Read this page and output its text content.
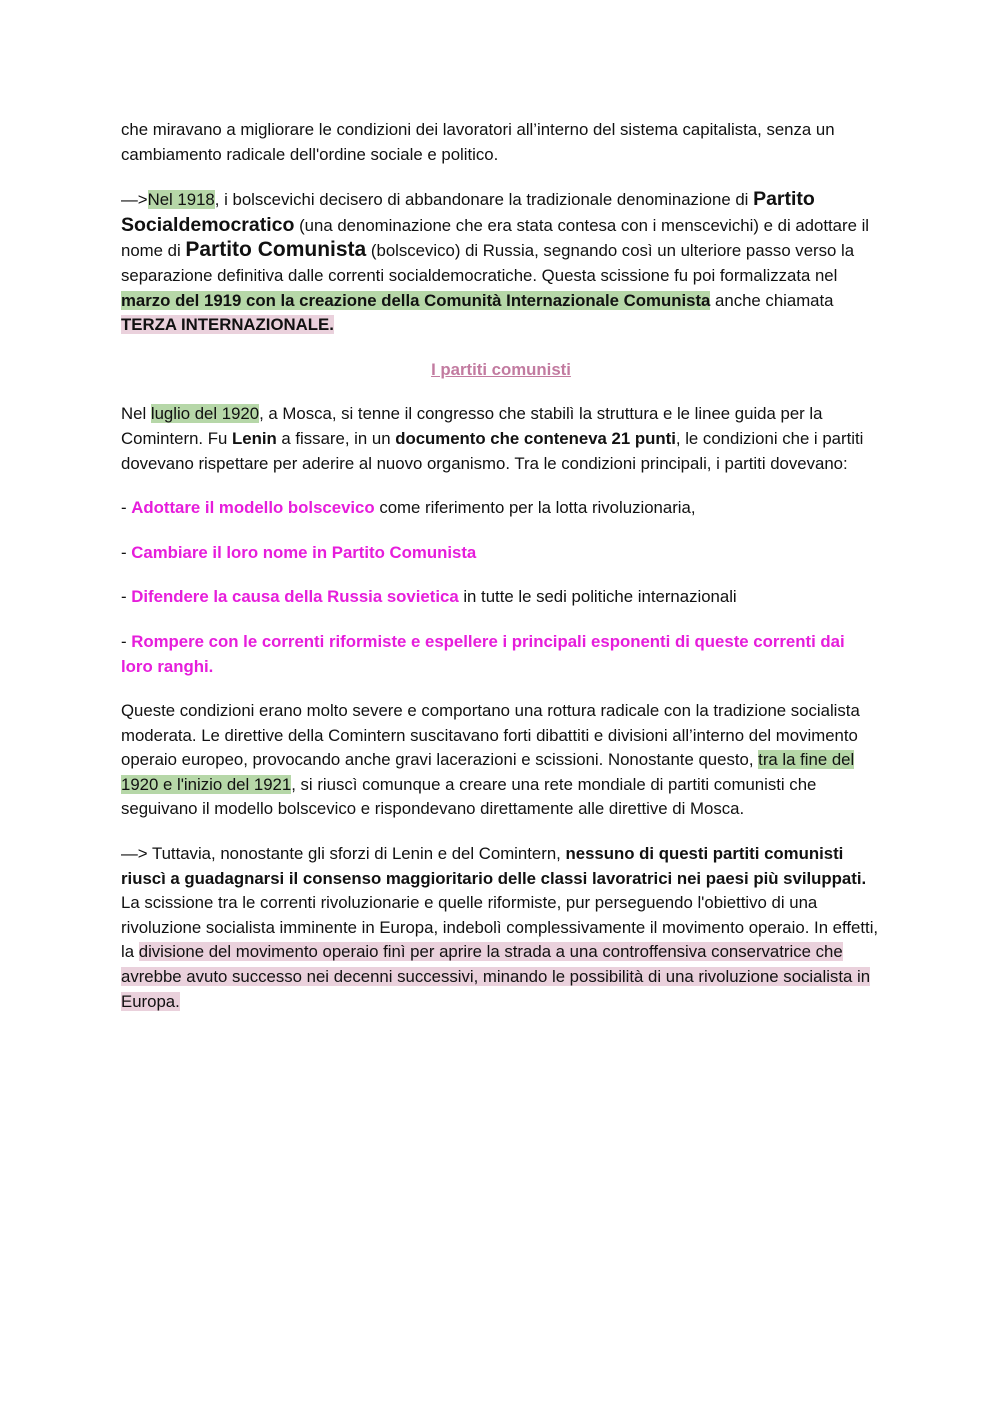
che miravano a migliorare le condizioni dei lavoratori all’interno del sistema capitalista, senza un cambiamento radicale dell'ordine sociale e politico.

—>Nel 1918, i bolscevichi decisero di abbandonare la tradizionale denominazione di Partito Socialdemocratico (una denominazione che era stata contesa con i menscevichi) e di adottare il nome di Partito Comunista (bolscevico) di Russia, segnando così un ulteriore passo verso la separazione definitiva dalle correnti socialdemocratiche. Questa scissione fu poi formalizzata nel marzo del 1919 con la creazione della Comunità Internazionale Comunista anche chiamata TERZA INTERNAZIONALE.

I partiti comunisti

Nel luglio del 1920, a Mosca, si tenne il congresso che stabilì la struttura e le linee guida per la Comintern. Fu Lenin a fissare, in un documento che conteneva 21 punti, le condizioni che i partiti dovevano rispettare per aderire al nuovo organismo. Tra le condizioni principali, i partiti dovevano:

- Adottare il modello bolscevico come riferimento per la lotta rivoluzionaria,

- Cambiare il loro nome in Partito Comunista

- Difendere la causa della Russia sovietica in tutte le sedi politiche internazionali

- Rompere con le correnti riformiste e espellere i principali esponenti di queste correnti dai loro ranghi.

Queste condizioni erano molto severe e comportano una rottura radicale con la tradizione socialista moderata. Le direttive della Comintern suscitavano forti dibattiti e divisioni all’interno del movimento operaio europeo, provocando anche gravi lacerazioni e scissioni. Nonostante questo, tra la fine del 1920 e l'inizio del 1921, si riuscì comunque a creare una rete mondiale di partiti comunisti che seguivano il modello bolscevico e rispondevano direttamente alle direttive di Mosca.

—> Tuttavia, nonostante gli sforzi di Lenin e del Comintern, nessuno di questi partiti comunisti riuscì a guadagnarsi il consenso maggioritario delle classi lavoratrici nei paesi più sviluppati. La scissione tra le correnti rivoluzionarie e quelle riformiste, pur perseguendo l'obiettivo di una rivoluzione socialista imminente in Europa, indebolì complessivamente il movimento operaio. In effetti, la divisione del movimento operaio finì per aprire la strada a una controffensiva conservatrice che avrebbe avuto successo nei decenni successivi, minando le possibilità di una rivoluzione socialista in Europa.
